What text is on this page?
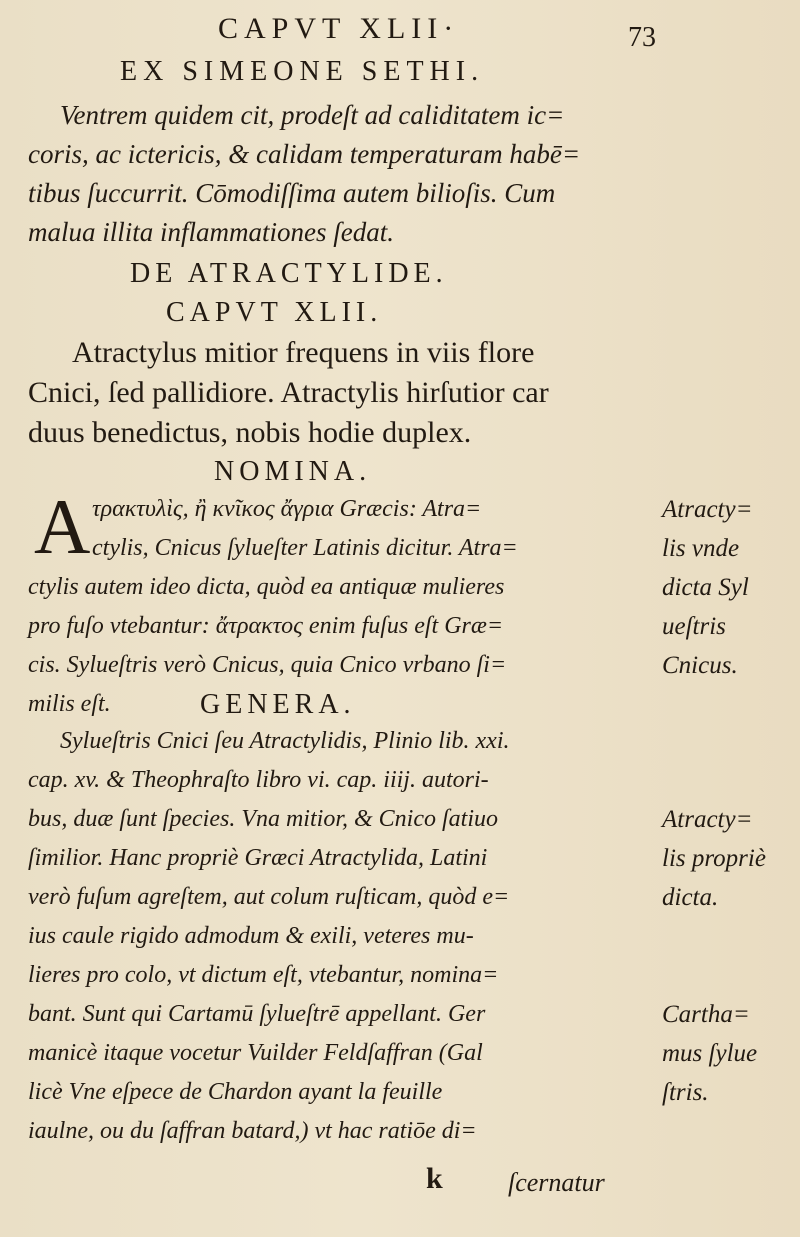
CAPVT XLII·	73
EX SIMEONE SETHI.
Ventrem quidem cit, prodeſt ad caliditatem ic=
coris, ac ictericis, & calidam temperaturam habē=
tibus ſuccurrit. Cōmodiſſima autem bilioſis. Cum
malua illita inflammationes ſedat.
DE ATRACTYLIDE.
CAPVT XLII.
Atractylus mitior frequens in viis flore
Cnici, ſed pallidiore. Atractylis hirſutior car
duus benedictus, nobis hodie duplex.
NOMINA.
A τρακτυλὶς, ἢ κνῖκος ἄγρια Græcis: Atra=
ctylis, Cnicus ſylueſter Latinis dicitur. Atra=
ctylis autem ideo dicta, quòd ea antiquæ mulieres
pro fuſo vtebantur: ἄτρακτος enim fuſus eſt Græ=
cis. Sylueſtris verò Cnicus, quia Cnico vrbano ſi=
milis eſt.	GENERA.
Sylueſtris Cnici ſeu Atractylidis, Plinio lib. xxi.
cap. xv. & Theophraſto libro vi. cap. iiij. autori-
bus, duæ ſunt ſpecies. Vna mitior, & Cnico ſatiuo
ſimilior. Hanc propriè Græci Atractylida, Latini
verò fuſum agreſtem, aut colum ruſticam, quòd e=
ius caule rigido admodum & exili, veteres mu-
lieres pro colo, vt dictum eſt, vtebantur, nomina=
bant. Sunt qui Cartamū ſylueſtrē appellant. Ger
manicè itaque vocetur Vuilder Feldſaffran (Gal
licè Vne eſpece de Chardon ayant la feuille
iaulne, ou du ſaffran batard,) vt hac ratiōe di=
k	ſcernatur
Atracty=
lis vnde
dicta Syl
ueſtris
Cnicus.
Atracty=
lis propriè
dicta.
Cartha=
mus ſylue
ſtris.
